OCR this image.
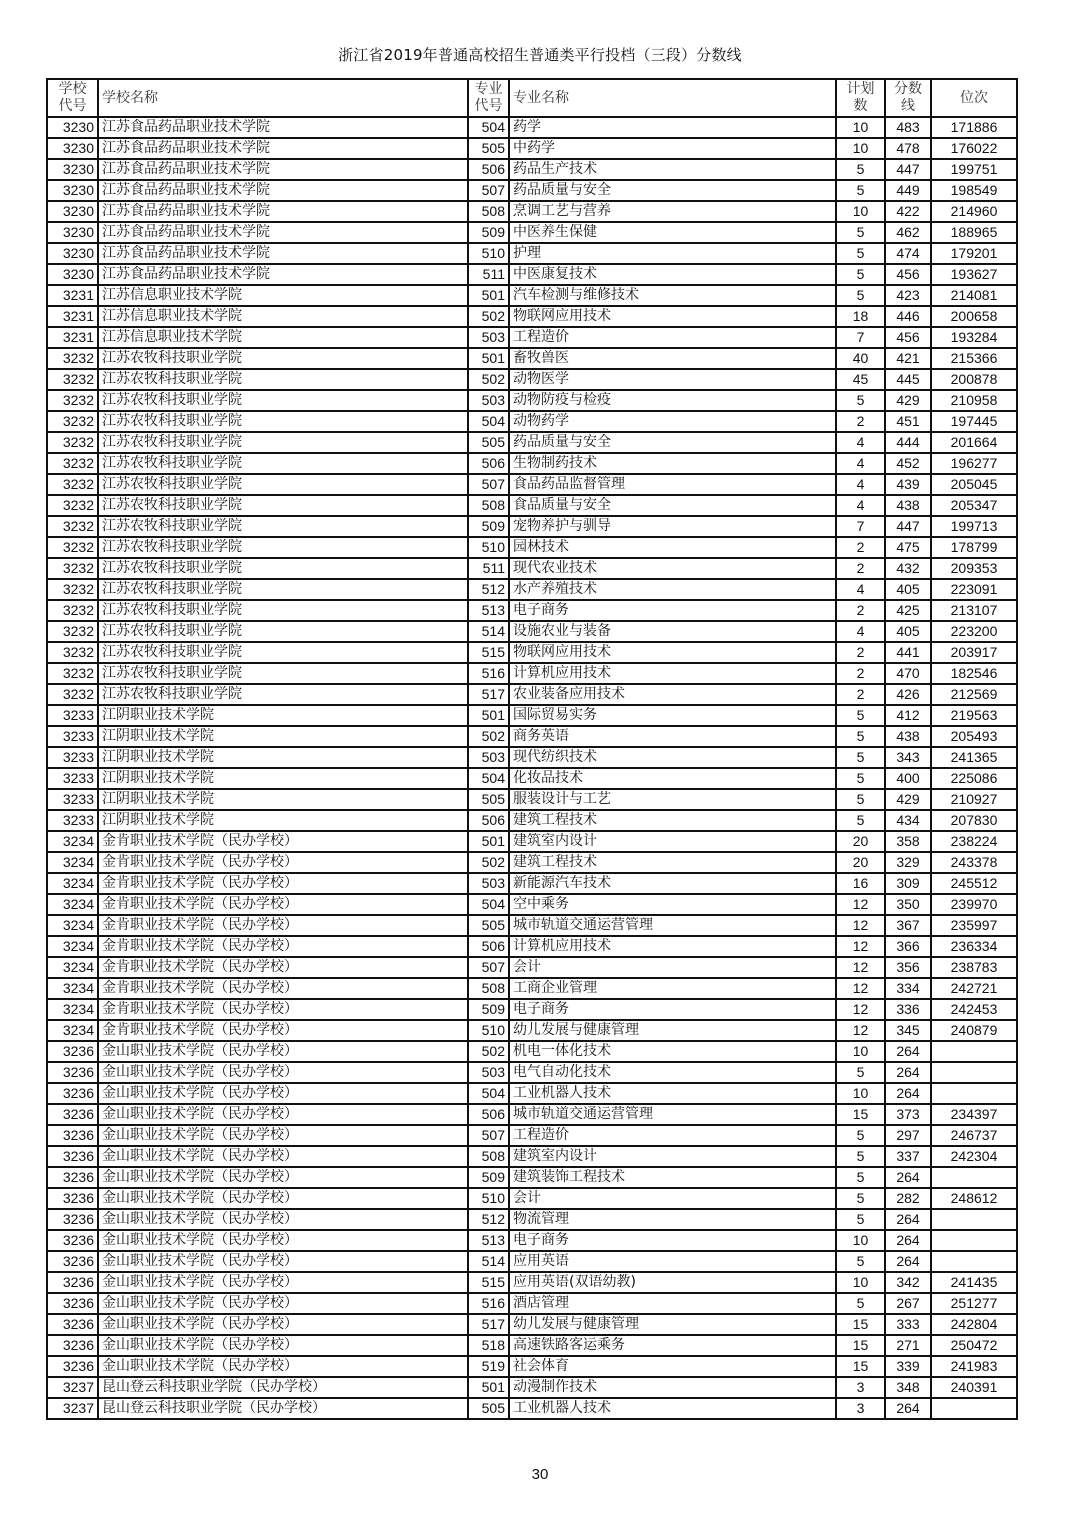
浙江省2019年普通高校招生普通类平行投档（三段）分数线
学校代号	学校名称	专业代号	专业名称	计划数	分数线	位次
3230	江苏食品药品职业技术学院	504	药学	10	483	171886
3230	江苏食品药品职业技术学院	505	中药学	10	478	176022
3230	江苏食品药品职业技术学院	506	药品生产技术	5	447	199751
3230	江苏食品药品职业技术学院	507	药品质量与安全	5	449	198549
3230	江苏食品药品职业技术学院	508	烹调工艺与营养	10	422	214960
3230	江苏食品药品职业技术学院	509	中医养生保健	5	462	188965
3230	江苏食品药品职业技术学院	510	护理	5	474	179201
3230	江苏食品药品职业技术学院	511	中医康复技术	5	456	193627
3231	江苏信息职业技术学院	501	汽车检测与维修技术	5	423	214081
3231	江苏信息职业技术学院	502	物联网应用技术	18	446	200658
3231	江苏信息职业技术学院	503	工程造价	7	456	193284
3232	江苏农牧科技职业学院	501	畜牧兽医	40	421	215366
3232	江苏农牧科技职业学院	502	动物医学	45	445	200878
3232	江苏农牧科技职业学院	503	动物防疫与检疫	5	429	210958
3232	江苏农牧科技职业学院	504	动物药学	2	451	197445
3232	江苏农牧科技职业学院	505	药品质量与安全	4	444	201664
3232	江苏农牧科技职业学院	506	生物制药技术	4	452	196277
3232	江苏农牧科技职业学院	507	食品药品监督管理	4	439	205045
3232	江苏农牧科技职业学院	508	食品质量与安全	4	438	205347
3232	江苏农牧科技职业学院	509	宠物养护与驯导	7	447	199713
3232	江苏农牧科技职业学院	510	园林技术	2	475	178799
3232	江苏农牧科技职业学院	511	现代农业技术	2	432	209353
3232	江苏农牧科技职业学院	512	水产养殖技术	4	405	223091
3232	江苏农牧科技职业学院	513	电子商务	2	425	213107
3232	江苏农牧科技职业学院	514	设施农业与装备	4	405	223200
3232	江苏农牧科技职业学院	515	物联网应用技术	2	441	203917
3232	江苏农牧科技职业学院	516	计算机应用技术	2	470	182546
3232	江苏农牧科技职业学院	517	农业装备应用技术	2	426	212569
3233	江阴职业技术学院	501	国际贸易实务	5	412	219563
3233	江阴职业技术学院	502	商务英语	5	438	205493
3233	江阴职业技术学院	503	现代纺织技术	5	343	241365
3233	江阴职业技术学院	504	化妆品技术	5	400	225086
3233	江阴职业技术学院	505	服装设计与工艺	5	429	210927
3233	江阴职业技术学院	506	建筑工程技术	5	434	207830
3234	金肯职业技术学院（民办学校）	501	建筑室内设计	20	358	238224
3234	金肯职业技术学院（民办学校）	502	建筑工程技术	20	329	243378
3234	金肯职业技术学院（民办学校）	503	新能源汽车技术	16	309	245512
3234	金肯职业技术学院（民办学校）	504	空中乘务	12	350	239970
3234	金肯职业技术学院（民办学校）	505	城市轨道交通运营管理	12	367	235997
3234	金肯职业技术学院（民办学校）	506	计算机应用技术	12	366	236334
3234	金肯职业技术学院（民办学校）	507	会计	12	356	238783
3234	金肯职业技术学院（民办学校）	508	工商企业管理	12	334	242721
3234	金肯职业技术学院（民办学校）	509	电子商务	12	336	242453
3234	金肯职业技术学院（民办学校）	510	幼儿发展与健康管理	12	345	240879
3236	金山职业技术学院（民办学校）	502	机电一体化技术	10	264	
3236	金山职业技术学院（民办学校）	503	电气自动化技术	5	264	
3236	金山职业技术学院（民办学校）	504	工业机器人技术	10	264	
3236	金山职业技术学院（民办学校）	506	城市轨道交通运营管理	15	373	234397
3236	金山职业技术学院（民办学校）	507	工程造价	5	297	246737
3236	金山职业技术学院（民办学校）	508	建筑室内设计	5	337	242304
3236	金山职业技术学院（民办学校）	509	建筑装饰工程技术	5	264	
3236	金山职业技术学院（民办学校）	510	会计	5	282	248612
3236	金山职业技术学院（民办学校）	512	物流管理	5	264	
3236	金山职业技术学院（民办学校）	513	电子商务	10	264	
3236	金山职业技术学院（民办学校）	514	应用英语	5	264	
3236	金山职业技术学院（民办学校）	515	应用英语(双语幼教)	10	342	241435
3236	金山职业技术学院（民办学校）	516	酒店管理	5	267	251277
3236	金山职业技术学院（民办学校）	517	幼儿发展与健康管理	15	333	242804
3236	金山职业技术学院（民办学校）	518	高速铁路客运乘务	15	271	250472
3236	金山职业技术学院（民办学校）	519	社会体育	15	339	241983
3237	昆山登云科技职业学院（民办学校）	501	动漫制作技术	3	348	240391
3237	昆山登云科技职业学院（民办学校）	505	工业机器人技术	3	264	
30
